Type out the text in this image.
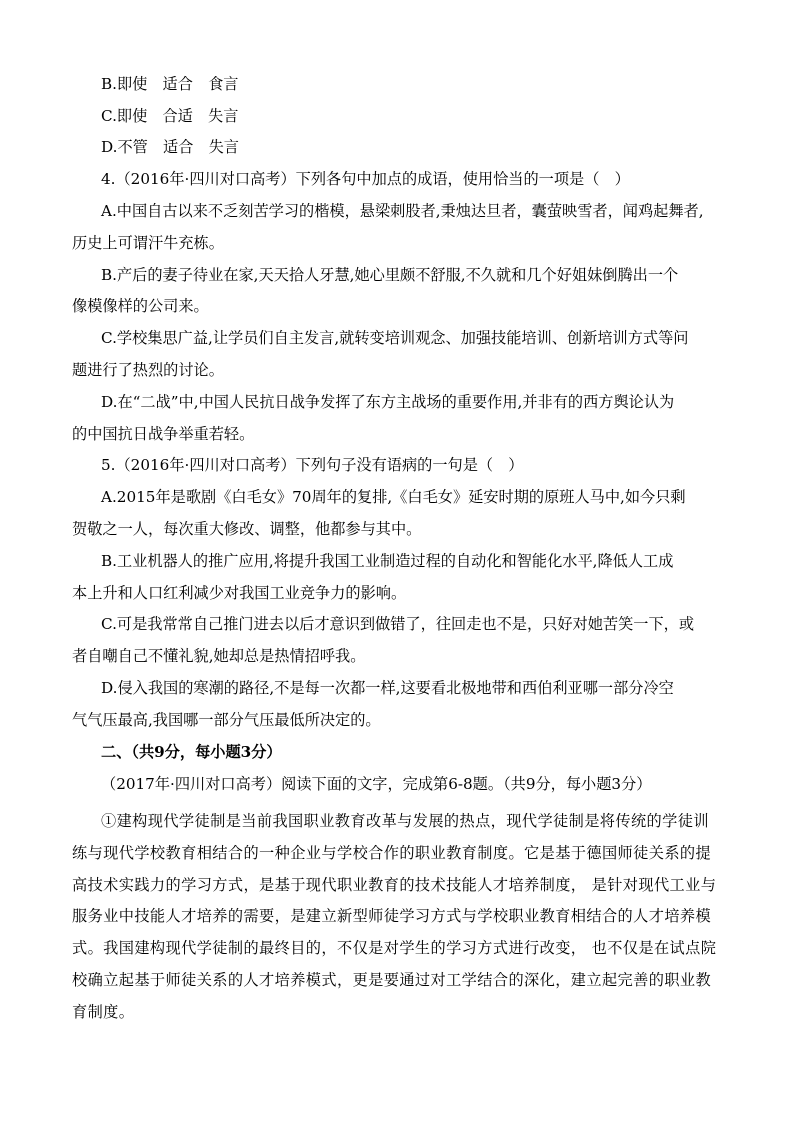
B.即使　适合　食言
C.即使　合适　失言
D.不管　适合　失言
4.（2016年·四川对口高考）下列各句中加点的成语，使用恰当的一项是（　）
A.中国自古以来不乏刻苦学习的楷模，悬梁刺股者,秉烛达旦者，囊萤映雪者，闻鸡起舞者,
历史上可谓汗牛充栋。
B.产后的妻子待业在家,天天拾人牙慧,她心里颇不舒服,不久就和几个好姐妹倒腾出一个
像模像样的公司来。
C.学校集思广益,让学员们自主发言,就转变培训观念、加强技能培训、创新培训方式等问
题进行了热烈的讨论。
D.在“二战”中,中国人民抗日战争发挥了东方主战场的重要作用,并非有的西方舆论认为
的中国抗日战争举重若轻。
5.（2016年·四川对口高考）下列句子没有语病的一句是（　）
A.2015年是歌剧《白毛女》70周年的复排,《白毛女》延安时期的原班人马中,如今只剩
贺敬之一人，每次重大修改、调整，他都参与其中。
B.工业机器人的推广应用,将提升我国工业制造过程的自动化和智能化水平,降低人工成
本上升和人口红利减少对我国工业竞争力的影响。
C.可是我常常自己推门进去以后才意识到做错了，往回走也不是，只好对她苦笑一下，或
者自嘲自己不懂礼貌,她却总是热情招呼我。
D.侵入我国的寒潮的路径,不是每一次都一样,这要看北极地带和西伯利亚哪一部分冷空
气气压最高,我国哪一部分气压最低所决定的。
二、（共9分，每小题3分）
（2017年·四川对口高考）阅读下面的文字，完成第6-8题。（共9分，每小题3分）
①建构现代学徒制是当前我国职业教育改革与发展的热点，现代学徒制是将传统的学徒训练与现代学校教育相结合的一种企业与学校合作的职业教育制度。它是基于德国师徒关系的提高技术实践力的学习方式，是基于现代职业教育的技术技能人才培养制度， 是针对现代工业与服务业中技能人才培养的需要，是建立新型师徒学习方式与学校职业教育相结合的人才培养模式。我国建构现代学徒制的最终目的，不仅是对学生的学习方式进行改变， 也不仅是在试点院校确立起基于师徒关系的人才培养模式，更是要通过对工学结合的深化，建立起完善的职业教育制度。
